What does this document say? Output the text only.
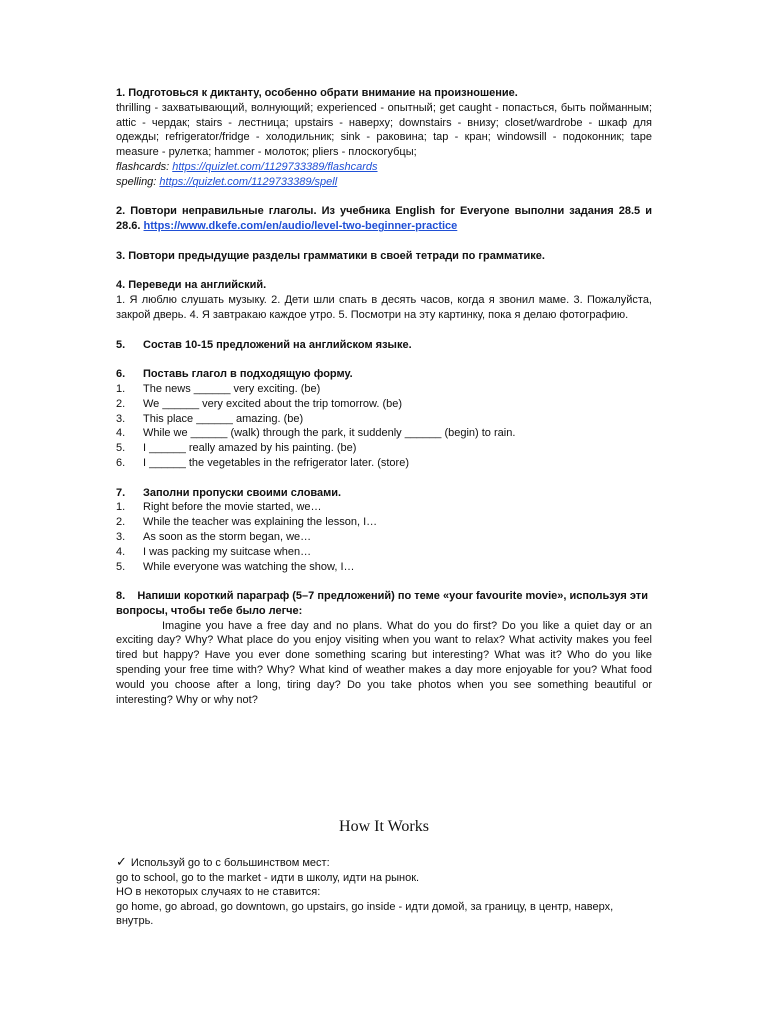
1. Подготовься к диктанту, особенно обрати внимание на произношение.

thrilling - захватывающий, волнующий; experienced - опытный; get caught - попасться, быть пойманным; attic - чердак; stairs - лестница; upstairs - наверху; downstairs - внизу; closet/wardrobe - шкаф для одежды; refrigerator/fridge - холодильник; sink - раковина; tap - кран; windowsill - подоконник; tape measure - рулетка; hammer - молоток; pliers - плоскогубцы;

flashcards: https://quizlet.com/1129733389/flashcards

spelling: https://quizlet.com/1129733389/spell

2. Повтори неправильные глаголы. Из учебника English for Everyone выполни задания 28.5 и 28.6. https://www.dkefe.com/en/audio/level-two-beginner-practice

3. Повтори предыдущие разделы грамматики в своей тетради по грамматике.

4. Переведи на английский.

1. Я люблю слушать музыку. 2. Дети шли спать в десять часов, когда я звонил маме. 3. Пожалуйста, закрой дверь. 4. Я завтракаю каждое утро. 5. Посмотри на эту картинку, пока я делаю фотографию.

5.	Состав 10-15 предложений на английском языке.
6.	Поставь глагол в подходящую форму.
1.	The news ______ very exciting. (be)
2.	We ______ very excited about the trip tomorrow. (be)
3.	This place ______ amazing. (be)
4.	While we ______ (walk) through the park, it suddenly ______ (begin) to rain.
5.	I ______ really amazed by his painting. (be)
6.	I ______ the vegetables in the refrigerator later. (store)
7.	Заполни пропуски своими словами.
1.	Right before the movie started, we…
2.	While the teacher was explaining the lesson, I…
3.	As soon as the storm began, we…
4.	I was packing my suitcase when…
5.	While everyone was watching the show, I…

8.    Напиши короткий параграф (5–7 предложений) по теме «your favourite movie», используя эти вопросы, чтобы тебе было легче:

Imagine you have a free day and no plans. What do you do first? Do you like a quiet day or an exciting day? Why? What place do you enjoy visiting when you want to relax? What activity makes you feel tired but happy? Have you ever done something scaring but interesting? What was it? Who do you like spending your free time with? Why? What kind of weather makes a day more enjoyable for you? What food would you choose after a long, tiring day? Do you take photos when you see something beautiful or interesting? Why or why not?

How It Works

✓ Используй go to с большинством мест:

go to school, go to the market - идти в школу, идти на рынок.

НО в некоторых случаях to не ставится:

go home, go abroad, go downtown, go upstairs, go inside - идти домой, за границу, в центр, наверх, внутрь.
